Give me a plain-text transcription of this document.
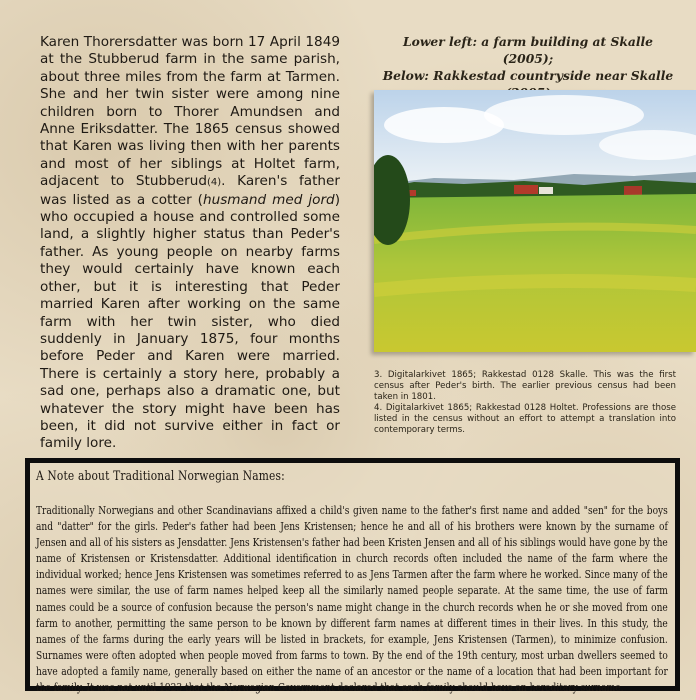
Karen Thorersdatter was born 17 April 1849 at the Stubberud farm in the same parish, about three miles from the farm at Tarmen. She and her twin sister were among nine children born to Thorer Amundsen and Anne Eriksdatter. The 1865 census showed that Karen was living then with her parents and most of her siblings at Holtet farm, adjacent to Stubberud(4). Karen's father was listed as a cotter (husmand med jord) who occupied a house and controlled some land, a slightly higher status than Peder's father. As young people on nearby farms they would certainly have known each other, but it is interesting that Peder married Karen after working on the same farm with her twin sister, who died suddenly in January 1875, four months before Peder and Karen were married. There is certainly a story here, probably a sad one, perhaps also a dramatic one, but whatever the story might have been has been, it did not survive either in fact or family lore.

Lower left: a farm building at Skalle (2005);
Below: Rakkestad countryside near Skalle

3. Digitalarkivet 1865; Rakkestad 0128 Skalle. This was the first census after Peder's birth. The earlier previous census had been taken in 1801.

4. Digitalarkivet 1865; Rakkestad 0128 Holtet. Professions are those listed in the census without an effort to attempt a translation into contemporary terms.

A Note about Traditional Norwegian Names:

Traditionally Norwegians and other Scandinavians affixed a child's given name to the father's first name and added "sen" for the boys and "datter" for the girls. Peder's father had been Jens Kristensen; hence he and all of his brothers were known by the surname of Jensen and all of his sisters as Jensdatter. Jens Kristensen's father had been Kristen Jensen and all of his siblings would have gone by the name of Kristensen or Kristensdatter. Additional identification in church records often included the name of the farm where the individual worked; hence Jens Kristensen was sometimes referred to as Jens Tarmen after the farm where he worked. Since many of the names were similar, the use of farm names helped keep all the similarly named people separate. At the same time, the use of farm names could be a source of confusion because the person's name might change in the church records when he or she moved from one farm to another, permitting the same person to be known by different farm names at different times in their lives. In this study, the names of the farms during the early years will be listed in brackets, for example, Jens Kristensen (Tarmen), to minimize confusion. Surnames were often adopted when people moved from farms to town. By the end of the 19th century, most urban dwellers seemed to have adopted a family name, generally based on either the name of an ancestor or the name of a location that had been important for the family. It was not until 1923 that the Norwegian Government declared that each family should have an hereditary surname.
